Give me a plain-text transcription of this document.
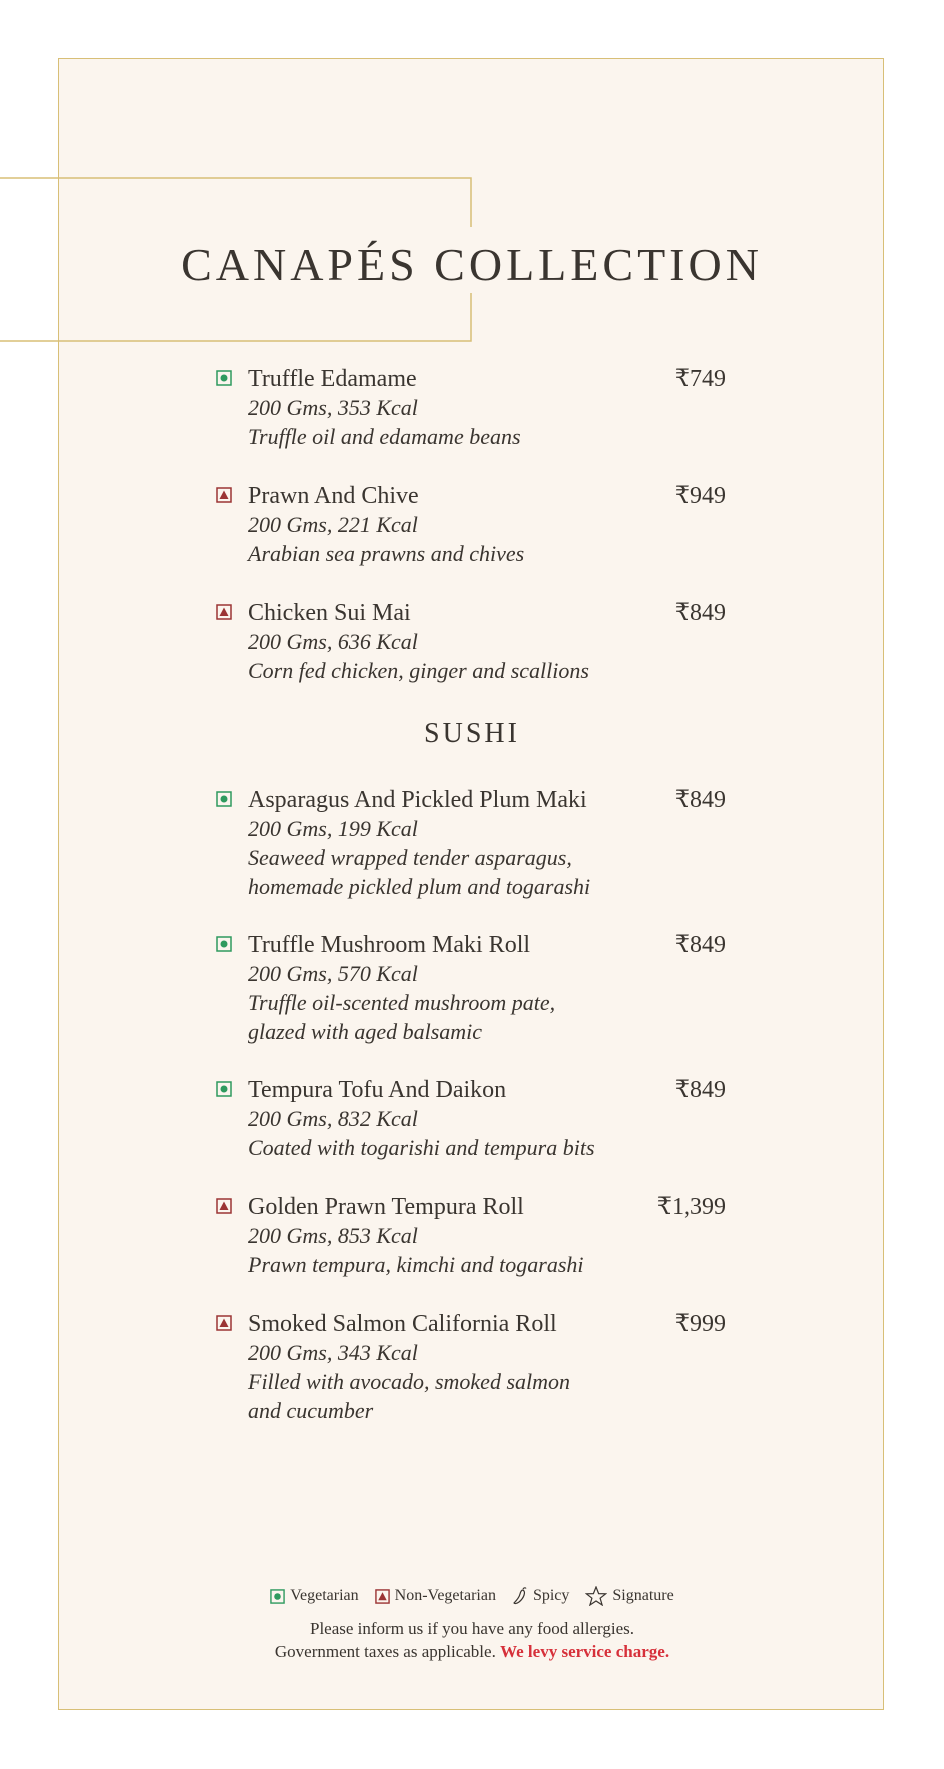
CANAPÉS COLLECTION
Truffle Edamame	₹749
200 Gms, 353 Kcal
Truffle oil and edamame beans
Prawn And Chive	₹949
200 Gms, 221 Kcal
Arabian sea prawns and chives
Chicken Sui Mai	₹849
200 Gms, 636 Kcal
Corn fed chicken, ginger and scallions
SUSHI
Asparagus And Pickled Plum Maki	₹849
200 Gms, 199 Kcal
Seaweed wrapped tender asparagus,
homemade pickled plum and togarashi
Truffle Mushroom Maki Roll	₹849
200 Gms, 570 Kcal
Truffle oil-scented mushroom pate,
glazed with aged balsamic
Tempura Tofu And Daikon	₹849
200 Gms, 832 Kcal
Coated with togarishi and tempura bits
Golden Prawn Tempura Roll	₹1,399
200 Gms, 853 Kcal
Prawn tempura, kimchi and togarashi
Smoked Salmon California Roll	₹999
200 Gms, 343 Kcal
Filled with avocado, smoked salmon
and cucumber
Vegetarian
Non-Vegetarian
Spicy
	Signature
Please inform us if you have any food allergies.
Government taxes as applicable. We levy service charge.
